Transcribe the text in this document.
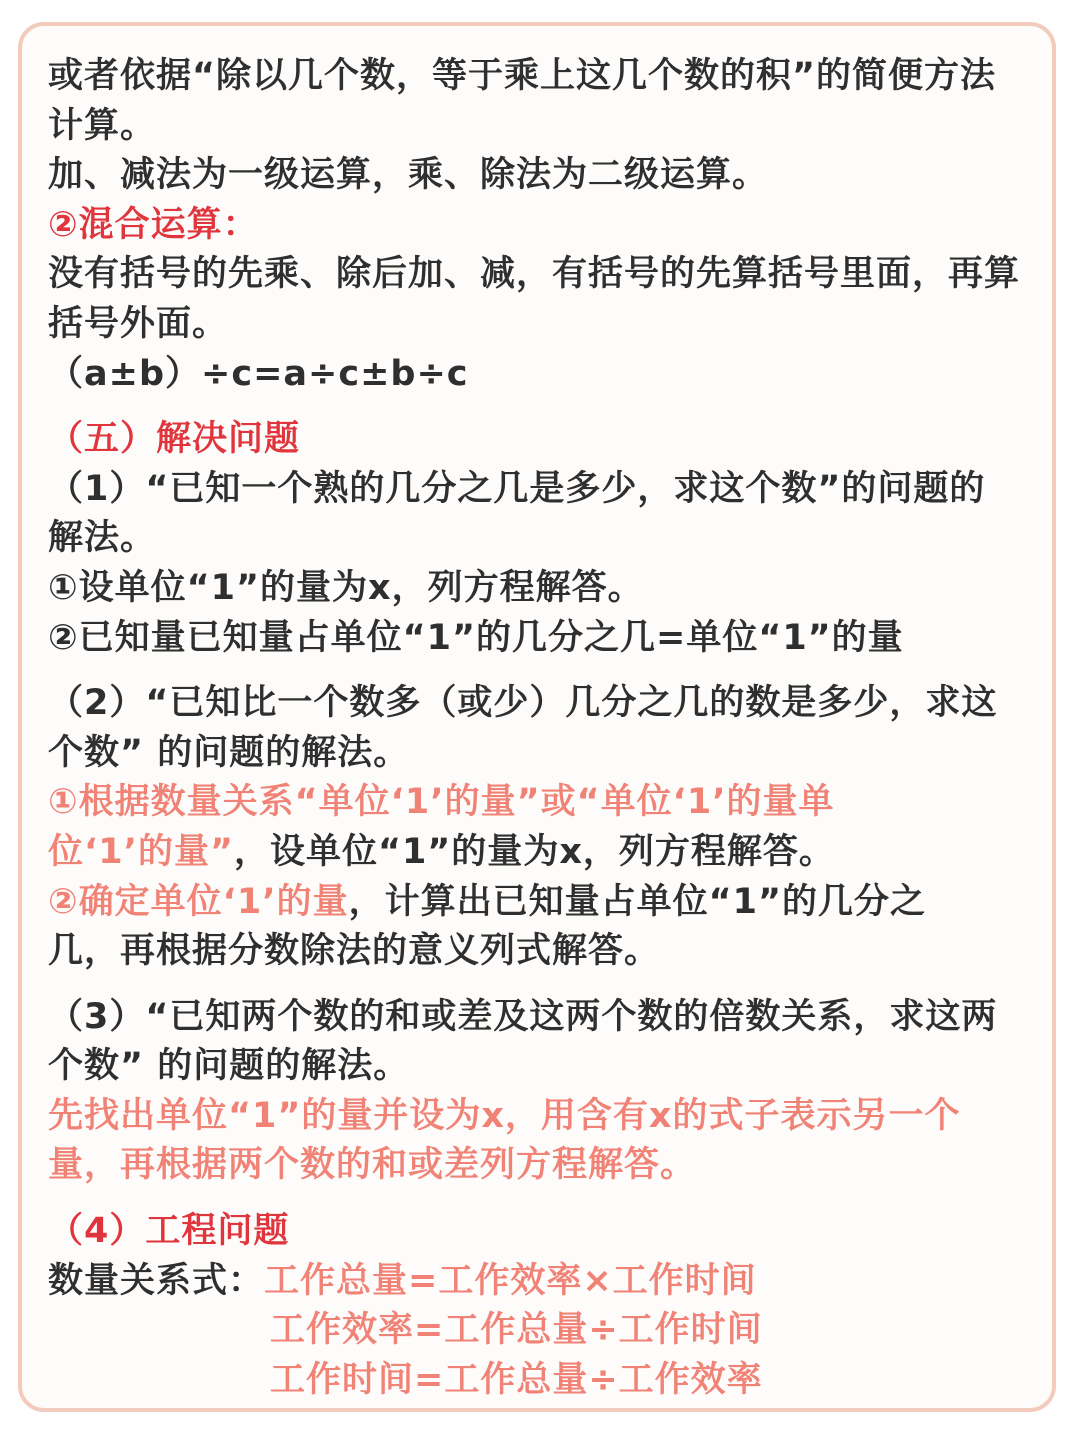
或者依据“除以几个数，等于乘上这几个数的积”的简便方法
计算。
加、减法为一级运算，乘、除法为二级运算。
②混合运算：
没有括号的先乘、除后加、减，有括号的先算括号里面，再算
括号外面。
（a±b）÷c=a÷c±b÷c
（五）解决问题
（1）“已知一个熟的几分之几是多少，求这个数”的问题的
解法。
①设单位“1”的量为x，列方程解答。
②已知量已知量占单位“1”的几分之几=单位“1”的量
（2）“已知比一个数多（或少）几分之几的数是多少，求这
个数” 的问题的解法。
①根据数量关系“单位‘1’的量”或“单位‘1’的量单
位‘1’的量”，设单位“1”的量为x，列方程解答。
②确定单位‘1’的量，计算出已知量占单位“1”的几分之
几，再根据分数除法的意义列式解答。
（3）“已知两个数的和或差及这两个数的倍数关系，求这两
个数” 的问题的解法。
先找出单位“1”的量并设为x，用含有x的式子表示另一个
量，再根据两个数的和或差列方程解答。
（4）工程问题
数量关系式：工作总量=工作效率×工作时间
工作效率=工作总量÷工作时间
工作时间=工作总量÷工作效率
